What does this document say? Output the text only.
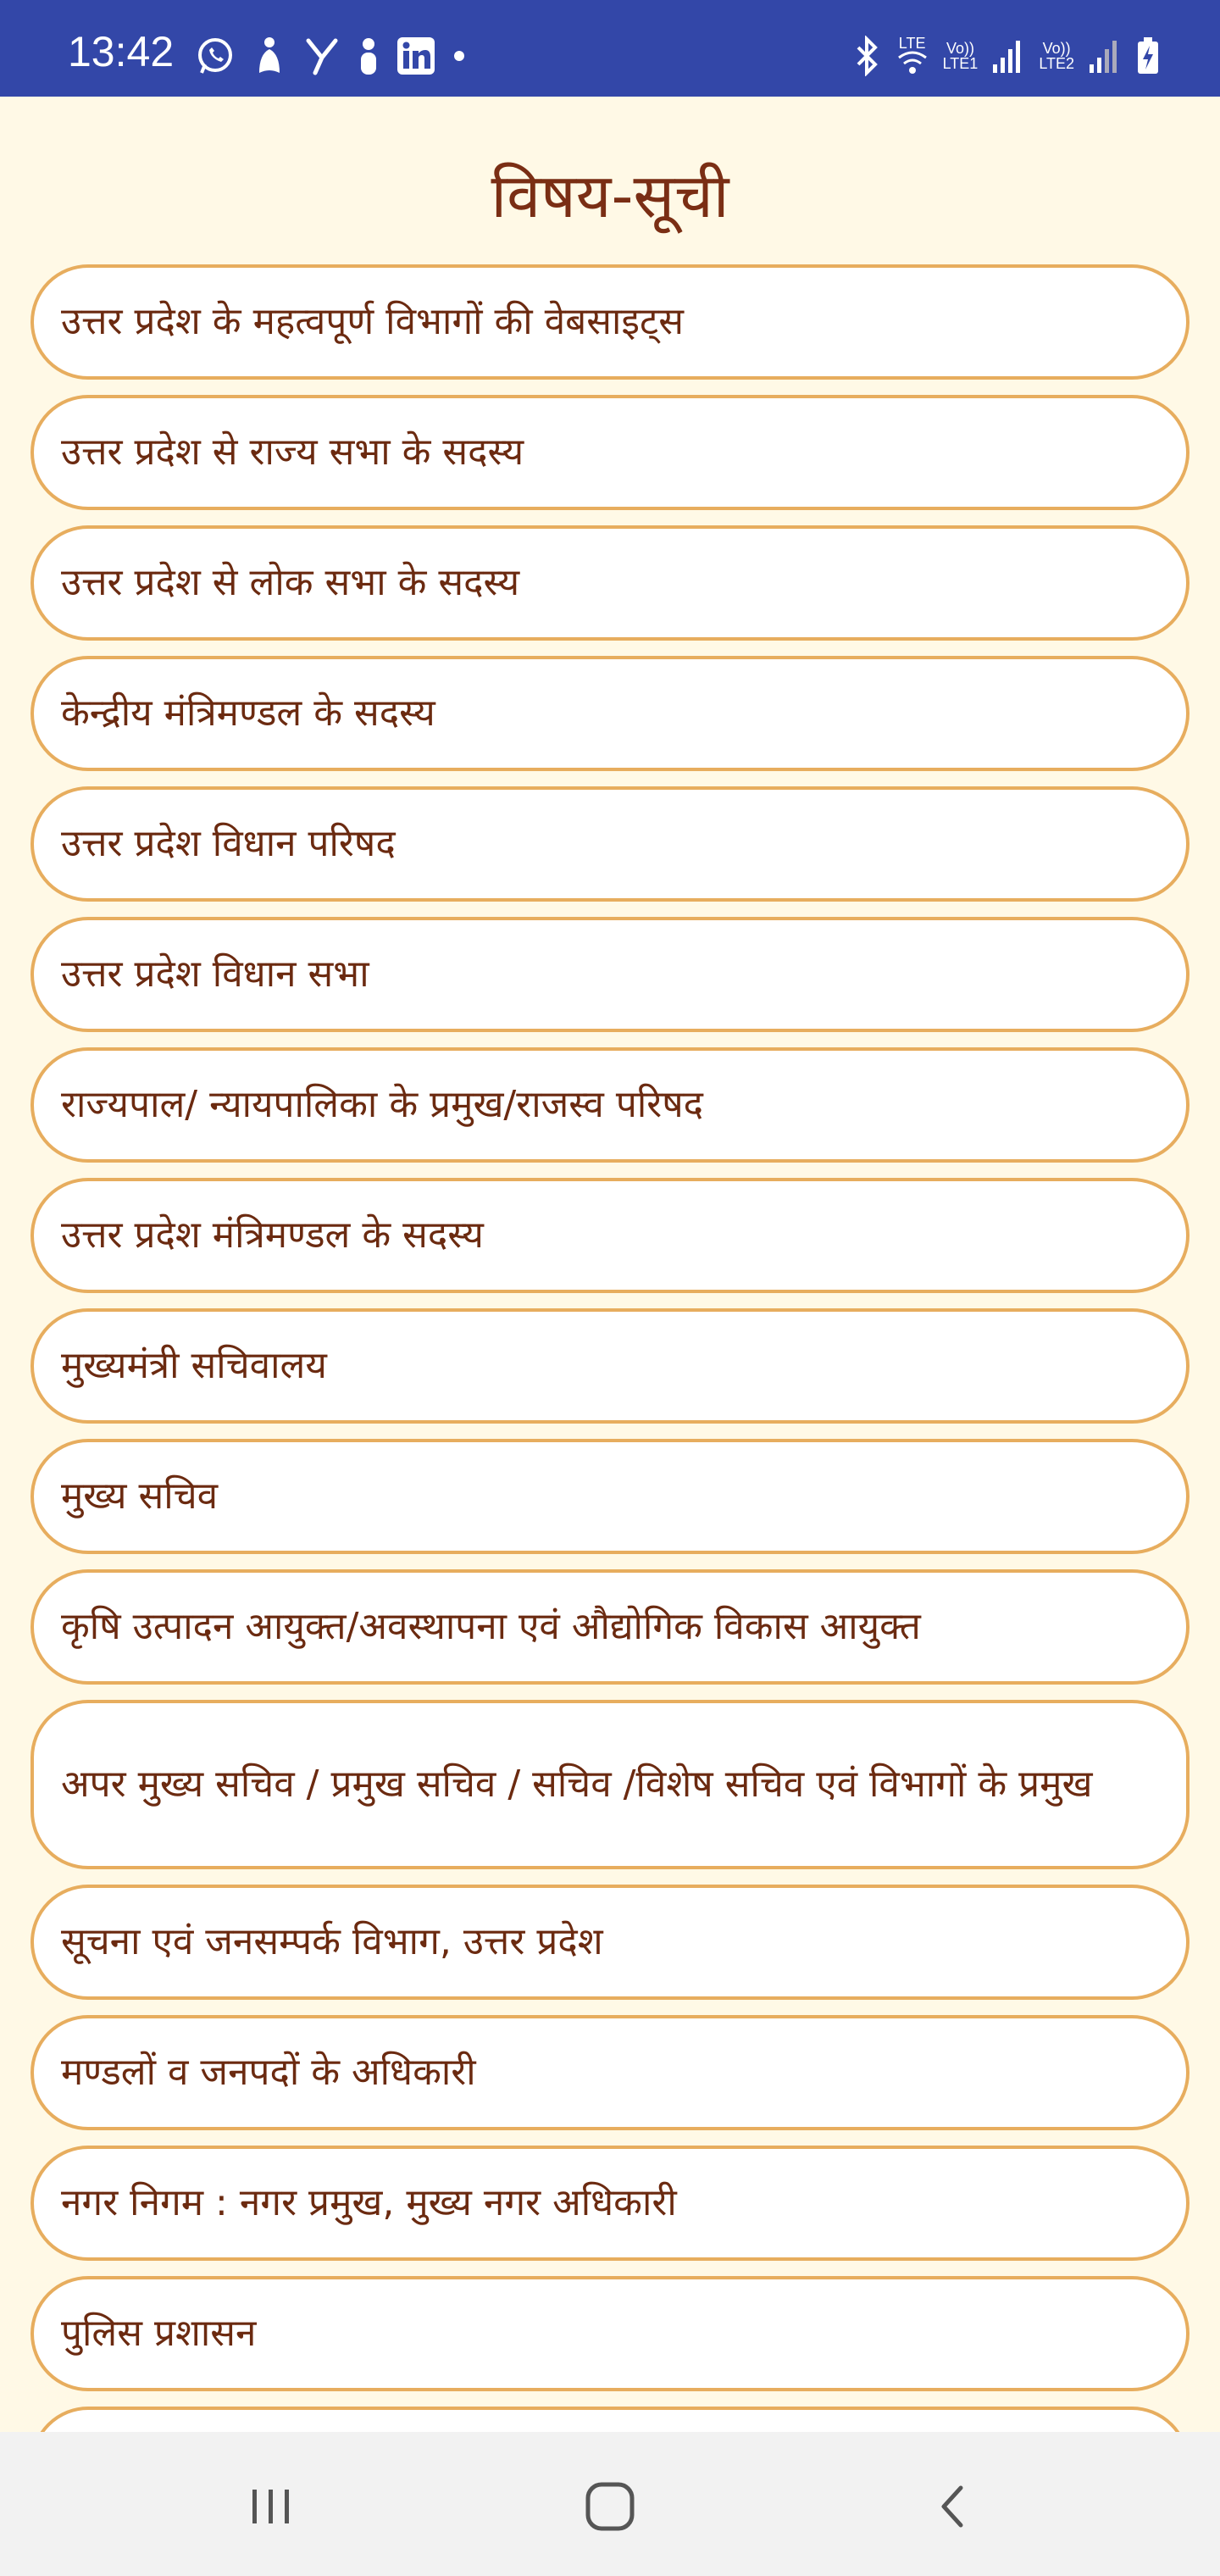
13:42	LTE Vo))
LTE1
Vo))
LTE2
विषय-सूची
उत्तर प्रदेश के महत्वपूर्ण विभागों की वेबसाइट्स
उत्तर प्रदेश से राज्य सभा के सदस्य
उत्तर प्रदेश से लोक सभा के सदस्य
केन्द्रीय मंत्रिमण्डल के सदस्य
उत्तर प्रदेश विधान परिषद
उत्तर प्रदेश विधान सभा
राज्यपाल/ न्यायपालिका के प्रमुख/राजस्व परिषद
उत्तर प्रदेश मंत्रिमण्डल के सदस्य
मुख्यमंत्री सचिवालय
मुख्य सचिव
कृषि उत्पादन आयुक्त/अवस्थापना एवं औद्योगिक विकास आयुक्त
अपर मुख्य सचिव / प्रमुख सचिव / सचिव /विशेष सचिव एवं विभागों के प्रमुख
सूचना एवं जनसम्पर्क विभाग, उत्तर प्रदेश
मण्डलों व जनपदों के अधिकारी
नगर निगम : नगर प्रमुख, मुख्य नगर अधिकारी
पुलिस प्रशासन
